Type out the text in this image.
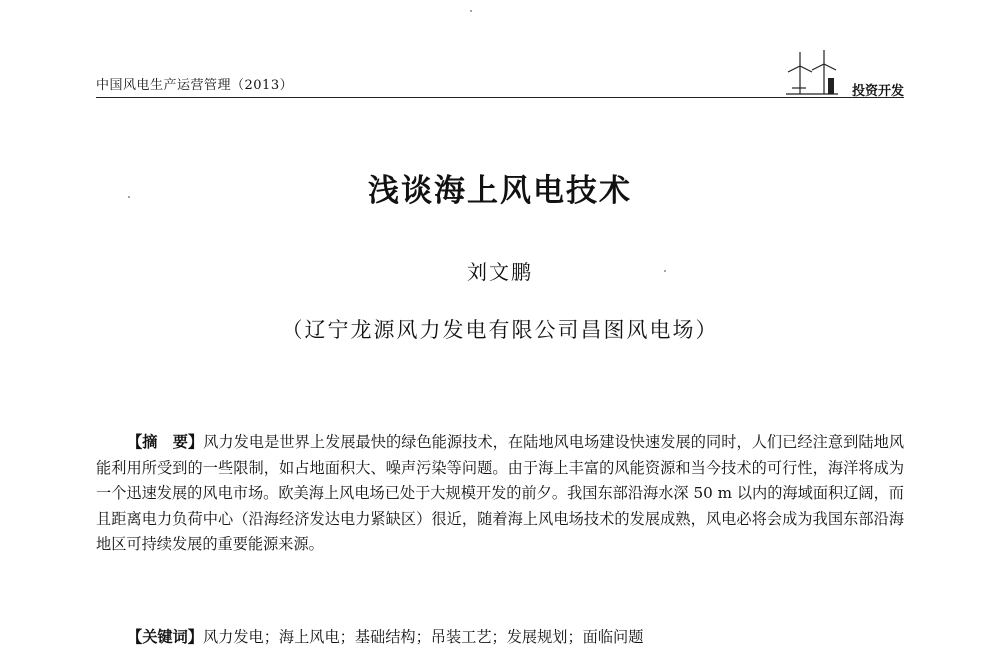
中国风电生产运营管理（2013）	投资开发
浅谈海上风电技术
刘文鹏
（辽宁龙源风力发电有限公司昌图风电场）

【摘　要】风力发电是世界上发展最快的绿色能源技术，在陆地风电场建设快速发展的同时，人们已经注意到陆地风能利用所受到的一些限制，如占地面积大、噪声污染等问题。由于海上丰富的风能资源和当今技术的可行性，海洋将成为一个迅速发展的风电市场。欧美海上风电场已处于大规模开发的前夕。我国东部沿海水深 50 m 以内的海域面积辽阔，而且距离电力负荷中心（沿海经济发达电力紧缺区）很近，随着海上风电场技术的发展成熟，风电必将会成为我国东部沿海地区可持续发展的重要能源来源。

【关键词】风力发电；海上风电；基础结构；吊装工艺；发展规划；面临问题
